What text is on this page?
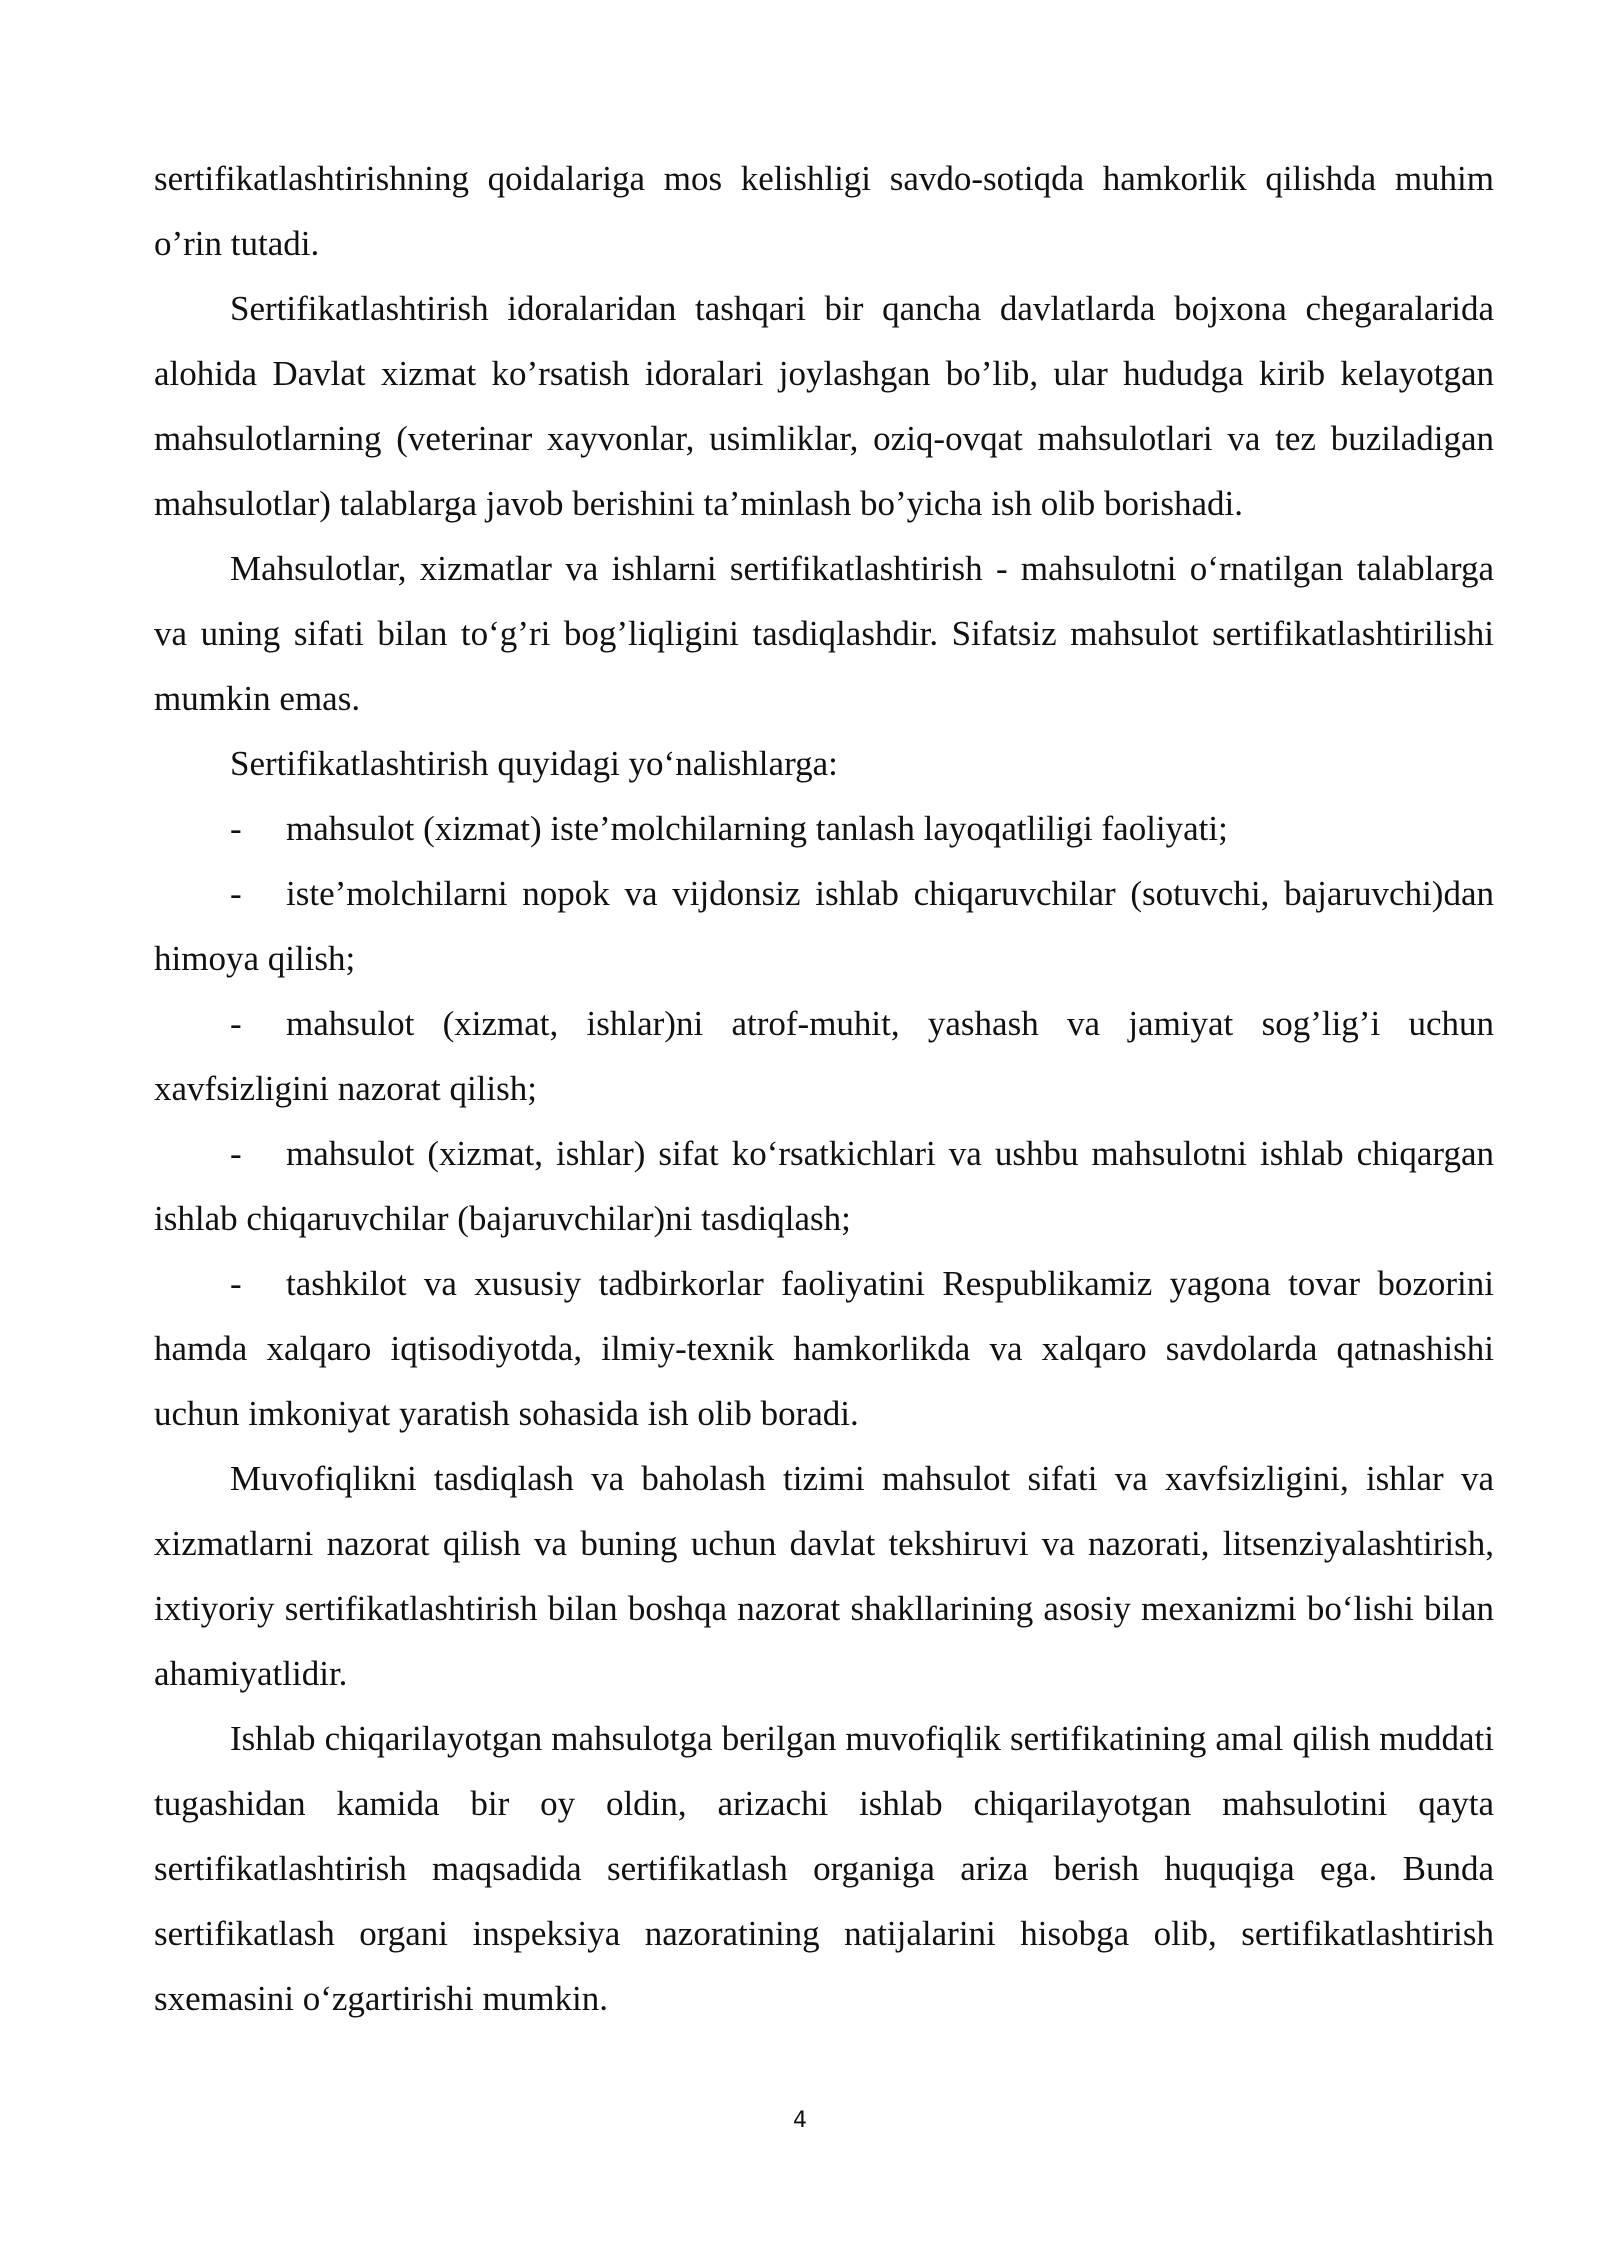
sertifikatlashtirishning qoidalariga mos kelishligi savdo-sotiqda hamkorlik qilishda muhim o’rin tutadi.

Sertifikatlashtirish idoralaridan tashqari bir qancha davlatlarda bojxona chegaralarida alohida Davlat xizmat ko’rsatish idoralari joylashgan bo’lib, ular hududga kirib kelayotgan mahsulotlarning (veterinar xayvonlar, usimliklar, oziq-ovqat mahsulotlari va tez buziladigan mahsulotlar) talablarga javob berishini ta’minlash bo’yicha ish olib borishadi.

Mahsulotlar, xizmatlar va ishlarni sertifikatlashtirish - mahsulotni o‘rnatilgan talablarga va uning sifati bilan to‘g’ri bog’liqligini tasdiqlashdir. Sifatsiz mahsulot sertifikatlashtirilishi mumkin emas.

Sertifikatlashtirish quyidagi yo‘nalishlarga:

- mahsulot (xizmat) iste’molchilarning tanlash layoqatliligi faoliyati;

- iste’molchilarni nopok va vijdonsiz ishlab chiqaruvchilar (sotuvchi, bajaruvchi)dan himoya qilish;

- mahsulot (xizmat, ishlar)ni atrof-muhit, yashash va jamiyat sog’lig’i uchun xavfsizligini nazorat qilish;

- mahsulot (xizmat, ishlar) sifat ko‘rsatkichlari va ushbu mahsulotni ishlab chiqargan ishlab chiqaruvchilar (bajaruvchilar)ni tasdiqlash;

- tashkilot va xususiy tadbirkorlar faoliyatini Respublikamiz yagona tovar bozorini hamda xalqaro iqtisodiyotda, ilmiy-texnik hamkorlikda va xalqaro savdolarda qatnashishi uchun imkoniyat yaratish sohasida ish olib boradi.

Muvofiqlikni tasdiqlash va baholash tizimi mahsulot sifati va xavfsizligini, ishlar va xizmatlarni nazorat qilish va buning uchun davlat tekshiruvi va nazorati, litsenziyalashtirish, ixtiyoriy sertifikatlashtirish bilan boshqa nazorat shakllarining asosiy mexanizmi bo‘lishi bilan ahamiyatlidir.

Ishlab chiqarilayotgan mahsulotga berilgan muvofiqlik sertifikatining amal qilish muddati tugashidan kamida bir oy oldin, arizachi ishlab chiqarilayotgan mahsulotini qayta sertifikatlashtirish maqsadida sertifikatlash organiga ariza berish huquqiga ega. Bunda sertifikatlash organi inspeksiya nazoratining natijalarini hisobga olib, sertifikatlashtirish sxemasini o‘zgartirishi mumkin.

4
